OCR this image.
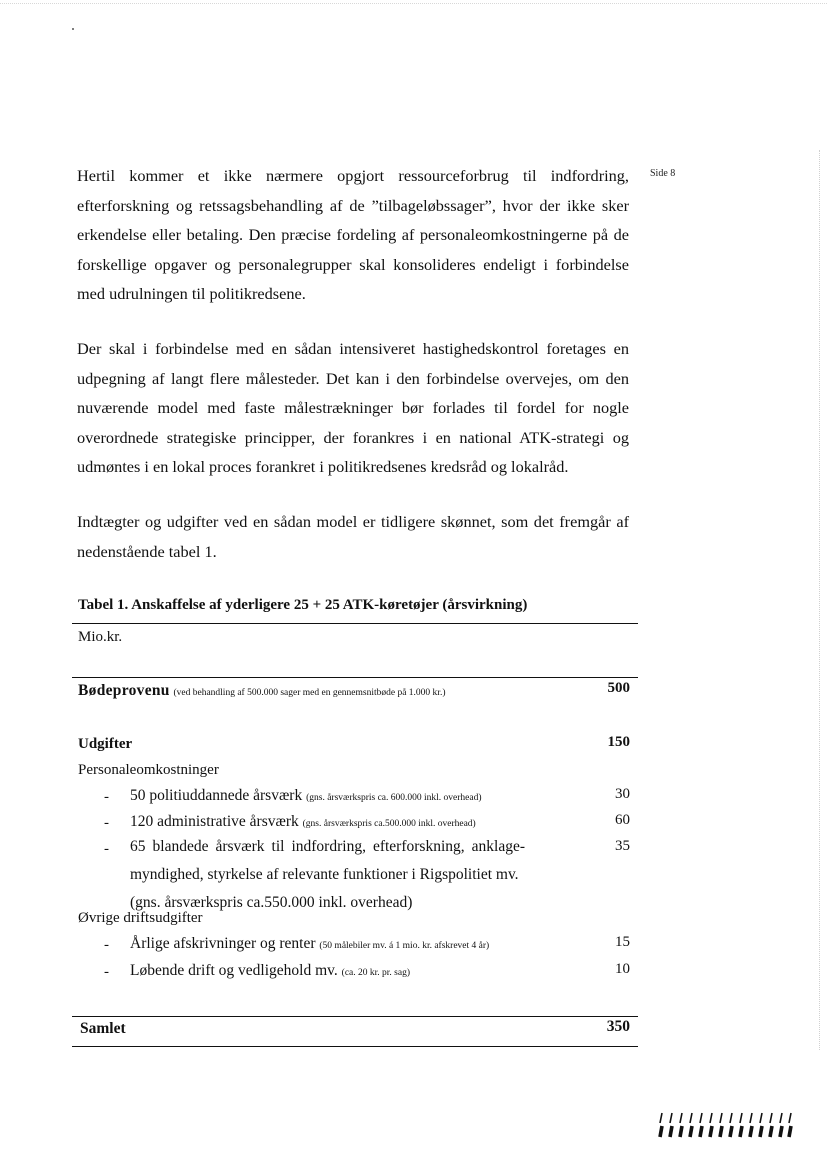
Side 8

Hertil kommer et ikke nærmere opgjort ressourceforbrug til indfordring, efterforskning og retssagsbehandling af de ”tilbageløbssager”, hvor der ikke sker erkendelse eller betaling. Den præcise fordeling af personaleomkostningerne på de forskellige opgaver og personalegrupper skal konsolideres endeligt i forbindelse med udrulningen til politikredsene.

Der skal i forbindelse med en sådan intensiveret hastighedskontrol foretages en udpegning af langt flere målesteder. Det kan i den forbindelse overvejes, om den nuværende model med faste målestrækninger bør forlades til fordel for nogle overordnede strategiske principper, der forankres i en national ATK-strategi og udmøntes i en lokal proces forankret i politikredsenes kredsråd og lokalråd.

Indtægter og udgifter ved en sådan model er tidligere skønnet, som det fremgår af nedenstående tabel 1.

Tabel 1. Anskaffelse af yderligere 25 + 25 ATK-køretøjer (årsvirkning)
Mio.kr.
Bødeprovenu (ved behandling af 500.000 sager med en gennemsnitbøde på 1.000 kr.)	500
Udgifter	150
Personaleomkostninger
- 50 politiuddannede årsværk (gns. årsværkspris ca. 600.000 inkl. overhead)	30
- 120 administrative årsværk (gns. årsværkspris ca.500.000 inkl. overhead)	60
- 65 blandede årsværk til indfordring, efterforskning, anklage-	35
myndighed, styrkelse af relevante funktioner i Rigspolitiet mv.
(gns. årsværkspris ca.550.000 inkl. overhead)
Øvrige driftsudgifter
- Årlige afskrivninger og renter (50 målebiler mv. á 1 mio. kr. afskrevet 4 år)	15
- Løbende drift og vedligehold mv. (ca. 20 kr. pr. sag)	10
Samlet	350
